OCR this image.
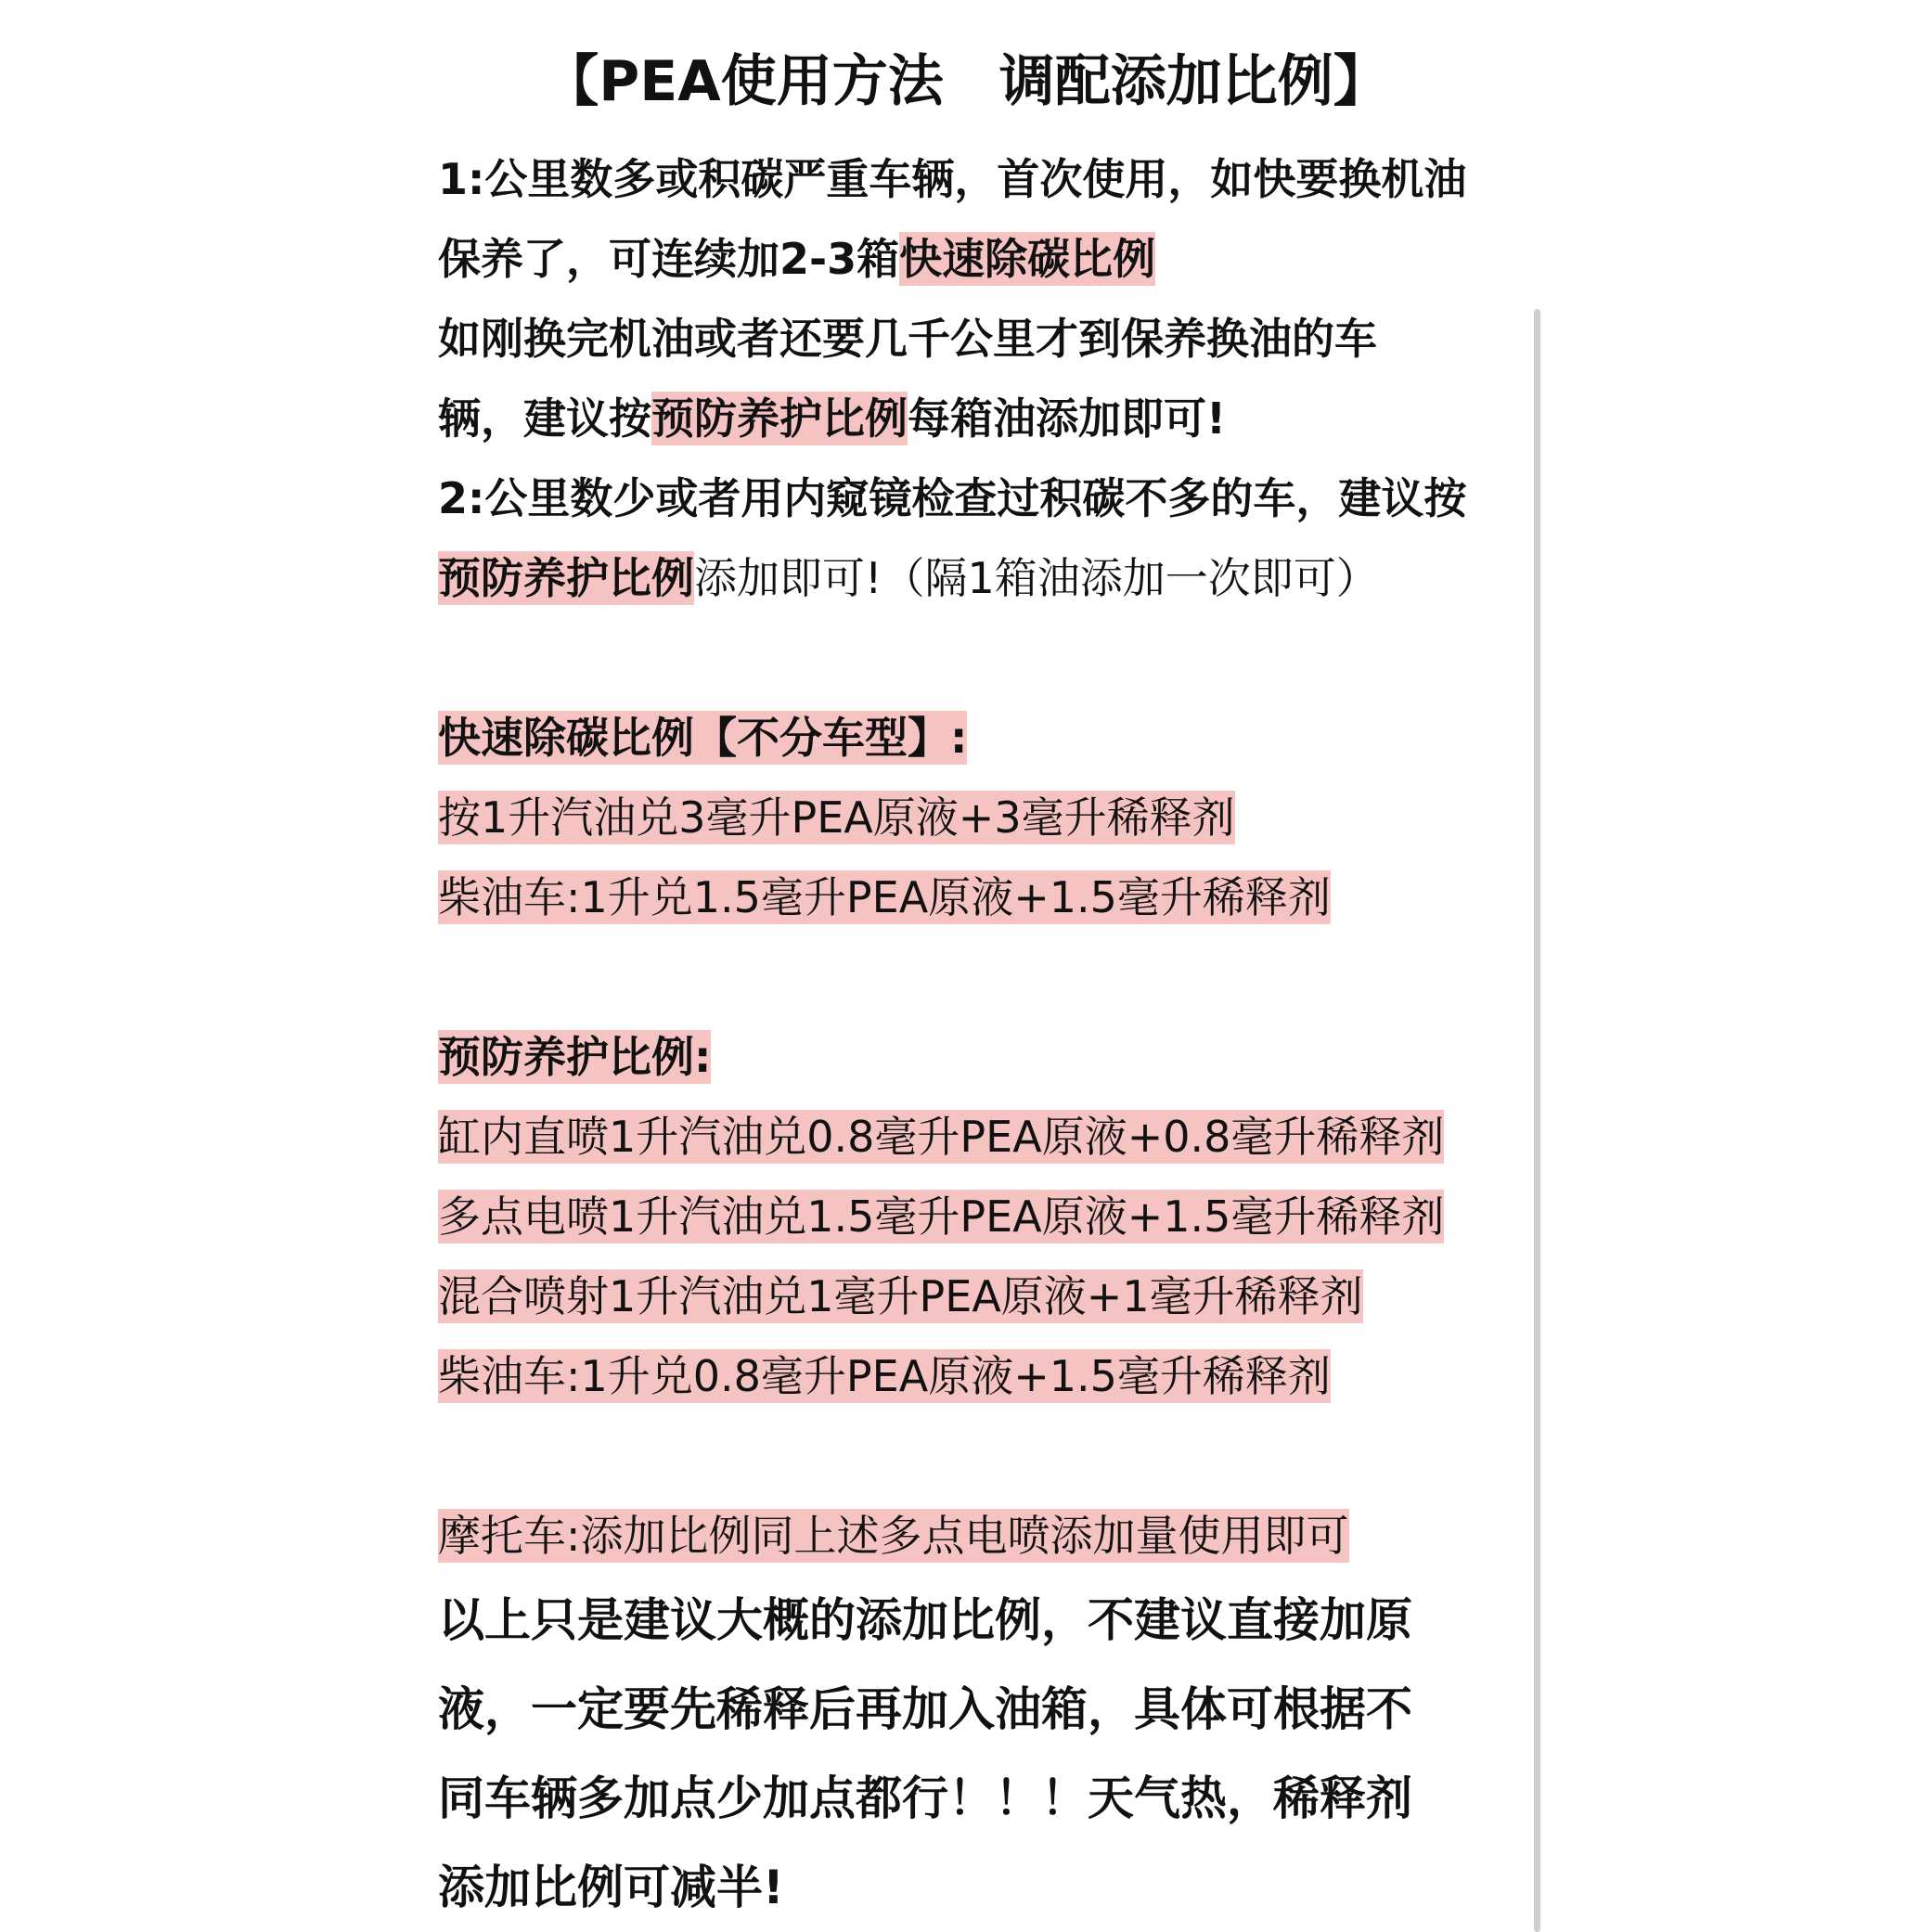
【PEA使用方法　调配添加比例】
1:公里数多或积碳严重车辆，首次使用，如快要换机油
保养了，可连续加2-3箱快速除碳比例
如刚换完机油或者还要几千公里才到保养换油的车
辆，建议按预防养护比例每箱油添加即可!
2:公里数少或者用内窥镜检查过积碳不多的车，建议按
预防养护比例添加即可!（隔1箱油添加一次即可）
快速除碳比例【不分车型】:
按1升汽油兑3毫升PEA原液+3毫升稀释剂
柴油车:1升兑1.5毫升PEA原液+1.5毫升稀释剂
预防养护比例:
缸内直喷1升汽油兑0.8毫升PEA原液+0.8毫升稀释剂
多点电喷1升汽油兑1.5毫升PEA原液+1.5毫升稀释剂
混合喷射1升汽油兑1毫升PEA原液+1毫升稀释剂
柴油车:1升兑0.8毫升PEA原液+1.5毫升稀释剂
摩托车:添加比例同上述多点电喷添加量使用即可
以上只是建议大概的添加比例，不建议直接加原
液，一定要先稀释后再加入油箱，具体可根据不
同车辆多加点少加点都行！！！天气热，稀释剂
添加比例可减半!
